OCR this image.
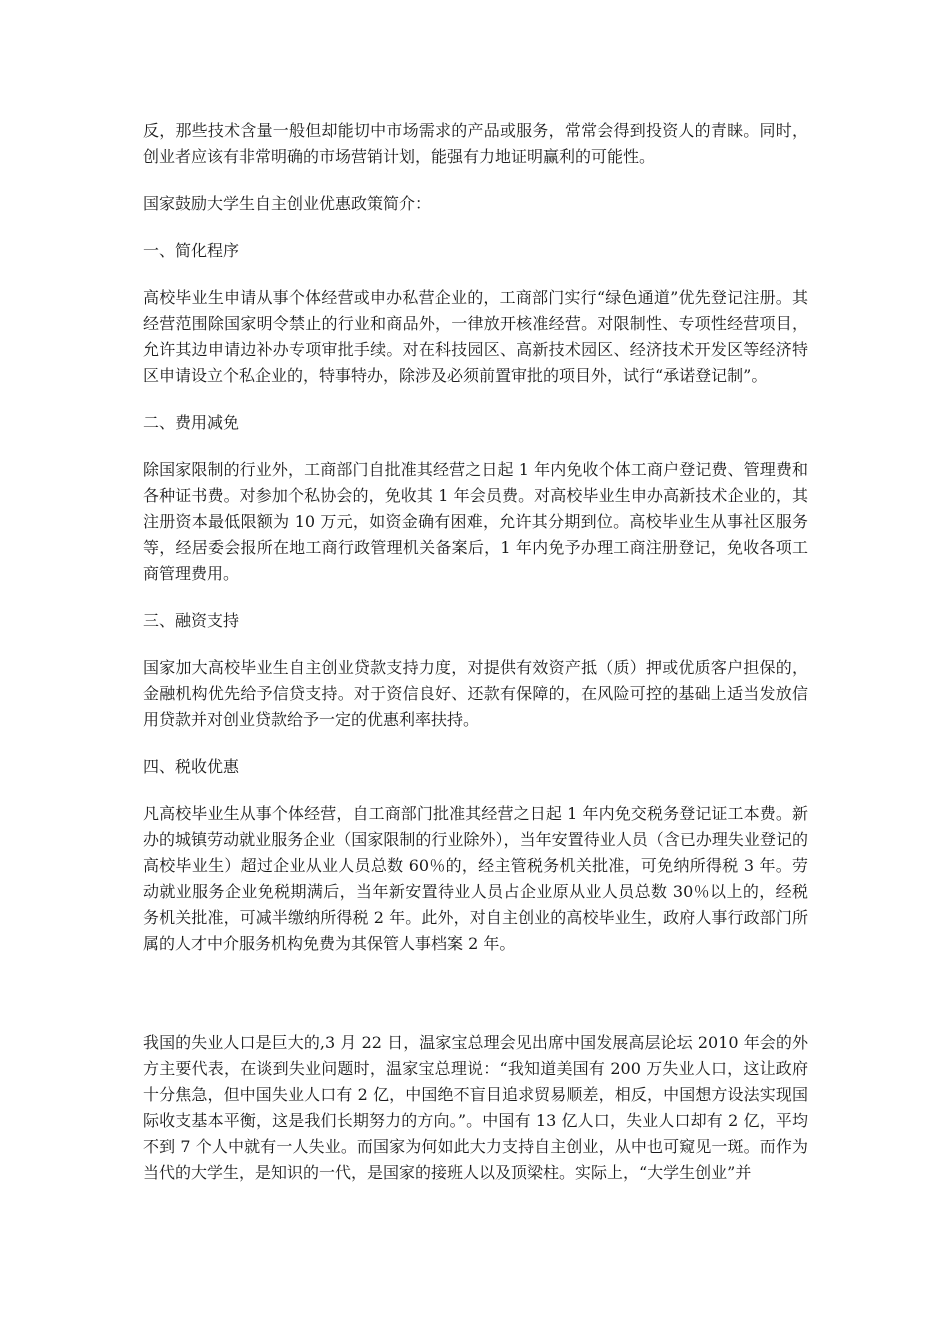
反，那些技术含量一般但却能切中市场需求的产品或服务，常常会得到投资人的青睐。同时，创业者应该有非常明确的市场营销计划，能强有力地证明赢利的可能性。

国家鼓励大学生自主创业优惠政策简介：

一、简化程序

高校毕业生申请从事个体经营或申办私营企业的，工商部门实行“绿色通道”优先登记注册。其经营范围除国家明令禁止的行业和商品外，一律放开核准经营。对限制性、专项性经营项目，允许其边申请边补办专项审批手续。对在科技园区、高新技术园区、经济技术开发区等经济特区申请设立个私企业的，特事特办，除涉及必须前置审批的项目外，试行“承诺登记制”。

二、费用减免

除国家限制的行业外，工商部门自批准其经营之日起 1 年内免收个体工商户登记费、管理费和各种证书费。对参加个私协会的，免收其 1 年会员费。对高校毕业生申办高新技术企业的，其注册资本最低限额为 10 万元，如资金确有困难，允许其分期到位。高校毕业生从事社区服务等，经居委会报所在地工商行政管理机关备案后，1 年内免予办理工商注册登记，免收各项工商管理费用。

三、融资支持

国家加大高校毕业生自主创业贷款支持力度，对提供有效资产抵（质）押或优质客户担保的，金融机构优先给予信贷支持。对于资信良好、还款有保障的，在风险可控的基础上适当发放信用贷款并对创业贷款给予一定的优惠利率扶持。

四、税收优惠

凡高校毕业生从事个体经营，自工商部门批准其经营之日起 1 年内免交税务登记证工本费。新办的城镇劳动就业服务企业（国家限制的行业除外），当年安置待业人员（含已办理失业登记的高校毕业生）超过企业从业人员总数 60％的，经主管税务机关批准，可免纳所得税 3 年。劳动就业服务企业免税期满后，当年新安置待业人员占企业原从业人员总数 30％以上的，经税务机关批准，可减半缴纳所得税 2 年。此外，对自主创业的高校毕业生，政府人事行政部门所属的人才中介服务机构免费为其保管人事档案 2 年。

我国的失业人口是巨大的,3 月 22 日，温家宝总理会见出席中国发展高层论坛 2010 年会的外方主要代表，在谈到失业问题时，温家宝总理说：“我知道美国有 200 万失业人口，这让政府十分焦急，但中国失业人口有 2 亿，中国绝不盲目追求贸易顺差，相反，中国想方设法实现国际收支基本平衡，这是我们长期努力的方向。”。中国有 13 亿人口，失业人口却有 2 亿，平均不到 7 个人中就有一人失业。而国家为何如此大力支持自主创业，从中也可窥见一斑。而作为当代的大学生，是知识的一代，是国家的接班人以及顶梁柱。实际上，“大学生创业”并
